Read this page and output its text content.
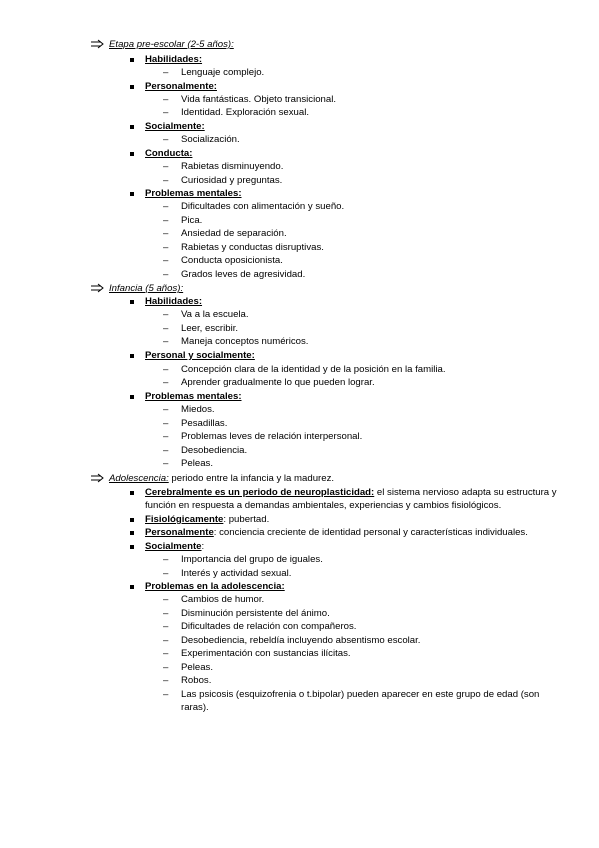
Etapa pre-escolar (2-5 años):
Habilidades:
– Lenguaje complejo.
Personalmente:
– Vida fantásticas. Objeto transicional.
– Identidad. Exploración sexual.
Socialmente:
– Socialización.
Conducta:
– Rabietas disminuyendo.
– Curiosidad y preguntas.
Problemas mentales:
– Dificultades con alimentación y sueño.
– Pica.
– Ansiedad de separación.
– Rabietas y conductas disruptivas.
– Conducta oposicionista.
– Grados leves de agresividad.
Infancia (5 años):
Habilidades:
– Va a la escuela.
– Leer, escribir.
– Maneja conceptos numéricos.
Personal y socialmente:
– Concepción clara de la identidad y de la posición en la familia.
– Aprender gradualmente lo que pueden lograr.
Problemas mentales:
– Miedos.
– Pesadillas.
– Problemas leves de relación interpersonal.
– Desobediencia.
– Peleas.
Adolescencia: periodo entre la infancia y la madurez.
Cerebralmente es un periodo de neuroplasticidad: el sistema nervioso adapta su estructura y función en respuesta a demandas ambientales, experiencias y cambios fisiológicos.
Fisiológicamente: pubertad.
Personalmente: conciencia creciente de identidad personal y características individuales.
Socialmente:
– Importancia del grupo de iguales.
– Interés y actividad sexual.
Problemas en la adolescencia:
– Cambios de humor.
– Disminución persistente del ánimo.
– Dificultades de relación con compañeros.
– Desobediencia, rebeldía incluyendo absentismo escolar.
– Experimentación con sustancias ilícitas.
– Peleas.
– Robos.
– Las psicosis (esquizofrenia o t.bipolar) pueden aparecer en este grupo de edad (son raras).
